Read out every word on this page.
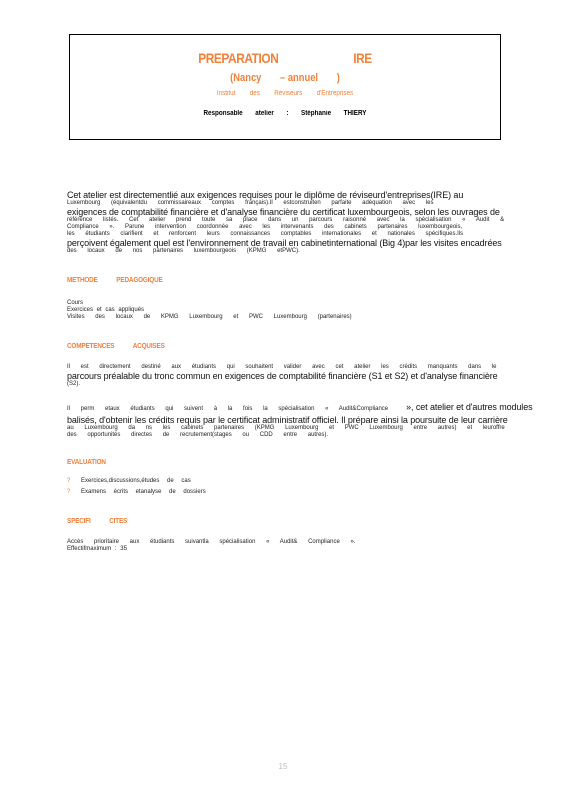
PREPARATION	IRE
(Nancy – annuel )
Institut des Réviseurs d'Entreprises
Responsable atelier : Stéphanie THIERY
Cet atelier est directementlié aux exigences requises pour le diplôme de réviseurd'entreprises(IRE) au
Luxembourg (équivalentdu commissaireaux comptes français).Il estconstruiten parfaite adéquation avec les
exigences de comptabilité financière et d'analyse financière du certificat luxembourgeois, selon les ouvrages de
référence listés. Cet atelier prend toute sa place dans un parcours raisonné avec la spécialisation « Audit &
Compliance ». Parune intervention coordonnée avec les intervenants des cabinets partenaires luxembourgeois,
les étudiants clarifient et renforcent leurs connaissances comptables internationales et nationales spécifiques.Ils
perçoivent également quel est l'environnement de travail en cabinetinternational (Big 4)par les visites encadrées
des locaux de nos partenaires luxembourgeois (KPMG etPWC).
METHODE PEDAGOGIQUE
Cours
Exercices et cas appliqués
Visites des locaux de KPMG Luxembourg et PWC Luxembourg (partenaires)
COMPETENCES ACQUISES
Il est directement destiné aux étudiants qui souhaitent valider avec cet atelier les crédits manquants dans le
parcours préalable du tronc commun en exigences de comptabilité financière (S1 et S2) et d'analyse financière
(S2).
Il perm etaux étudiants qui suivent à la fois la spécialisation « Audit&Compliance », cet atelier et d'autres modules
balisés, d'obtenir les crédits requis par le certificat administratif officiel. Il prépare ainsi la poursuite de leur carrière
au Luxembourg da ns les cabinets partenaires (KPMG Luxembourg et PWC Luxembourg entre autres) et leuroffre
des opportunités directes de recrutement(stages ou CDD entre autres).
EVALUATION
? Exercices,discussions,études de cas
? Examens écrits etanalyse de dossiers
SPECIFI CITES
Accès prioritaire aux étudiants suivantla spécialisation « Audit& Compliance ».
Effectifmaximum : 35
15
